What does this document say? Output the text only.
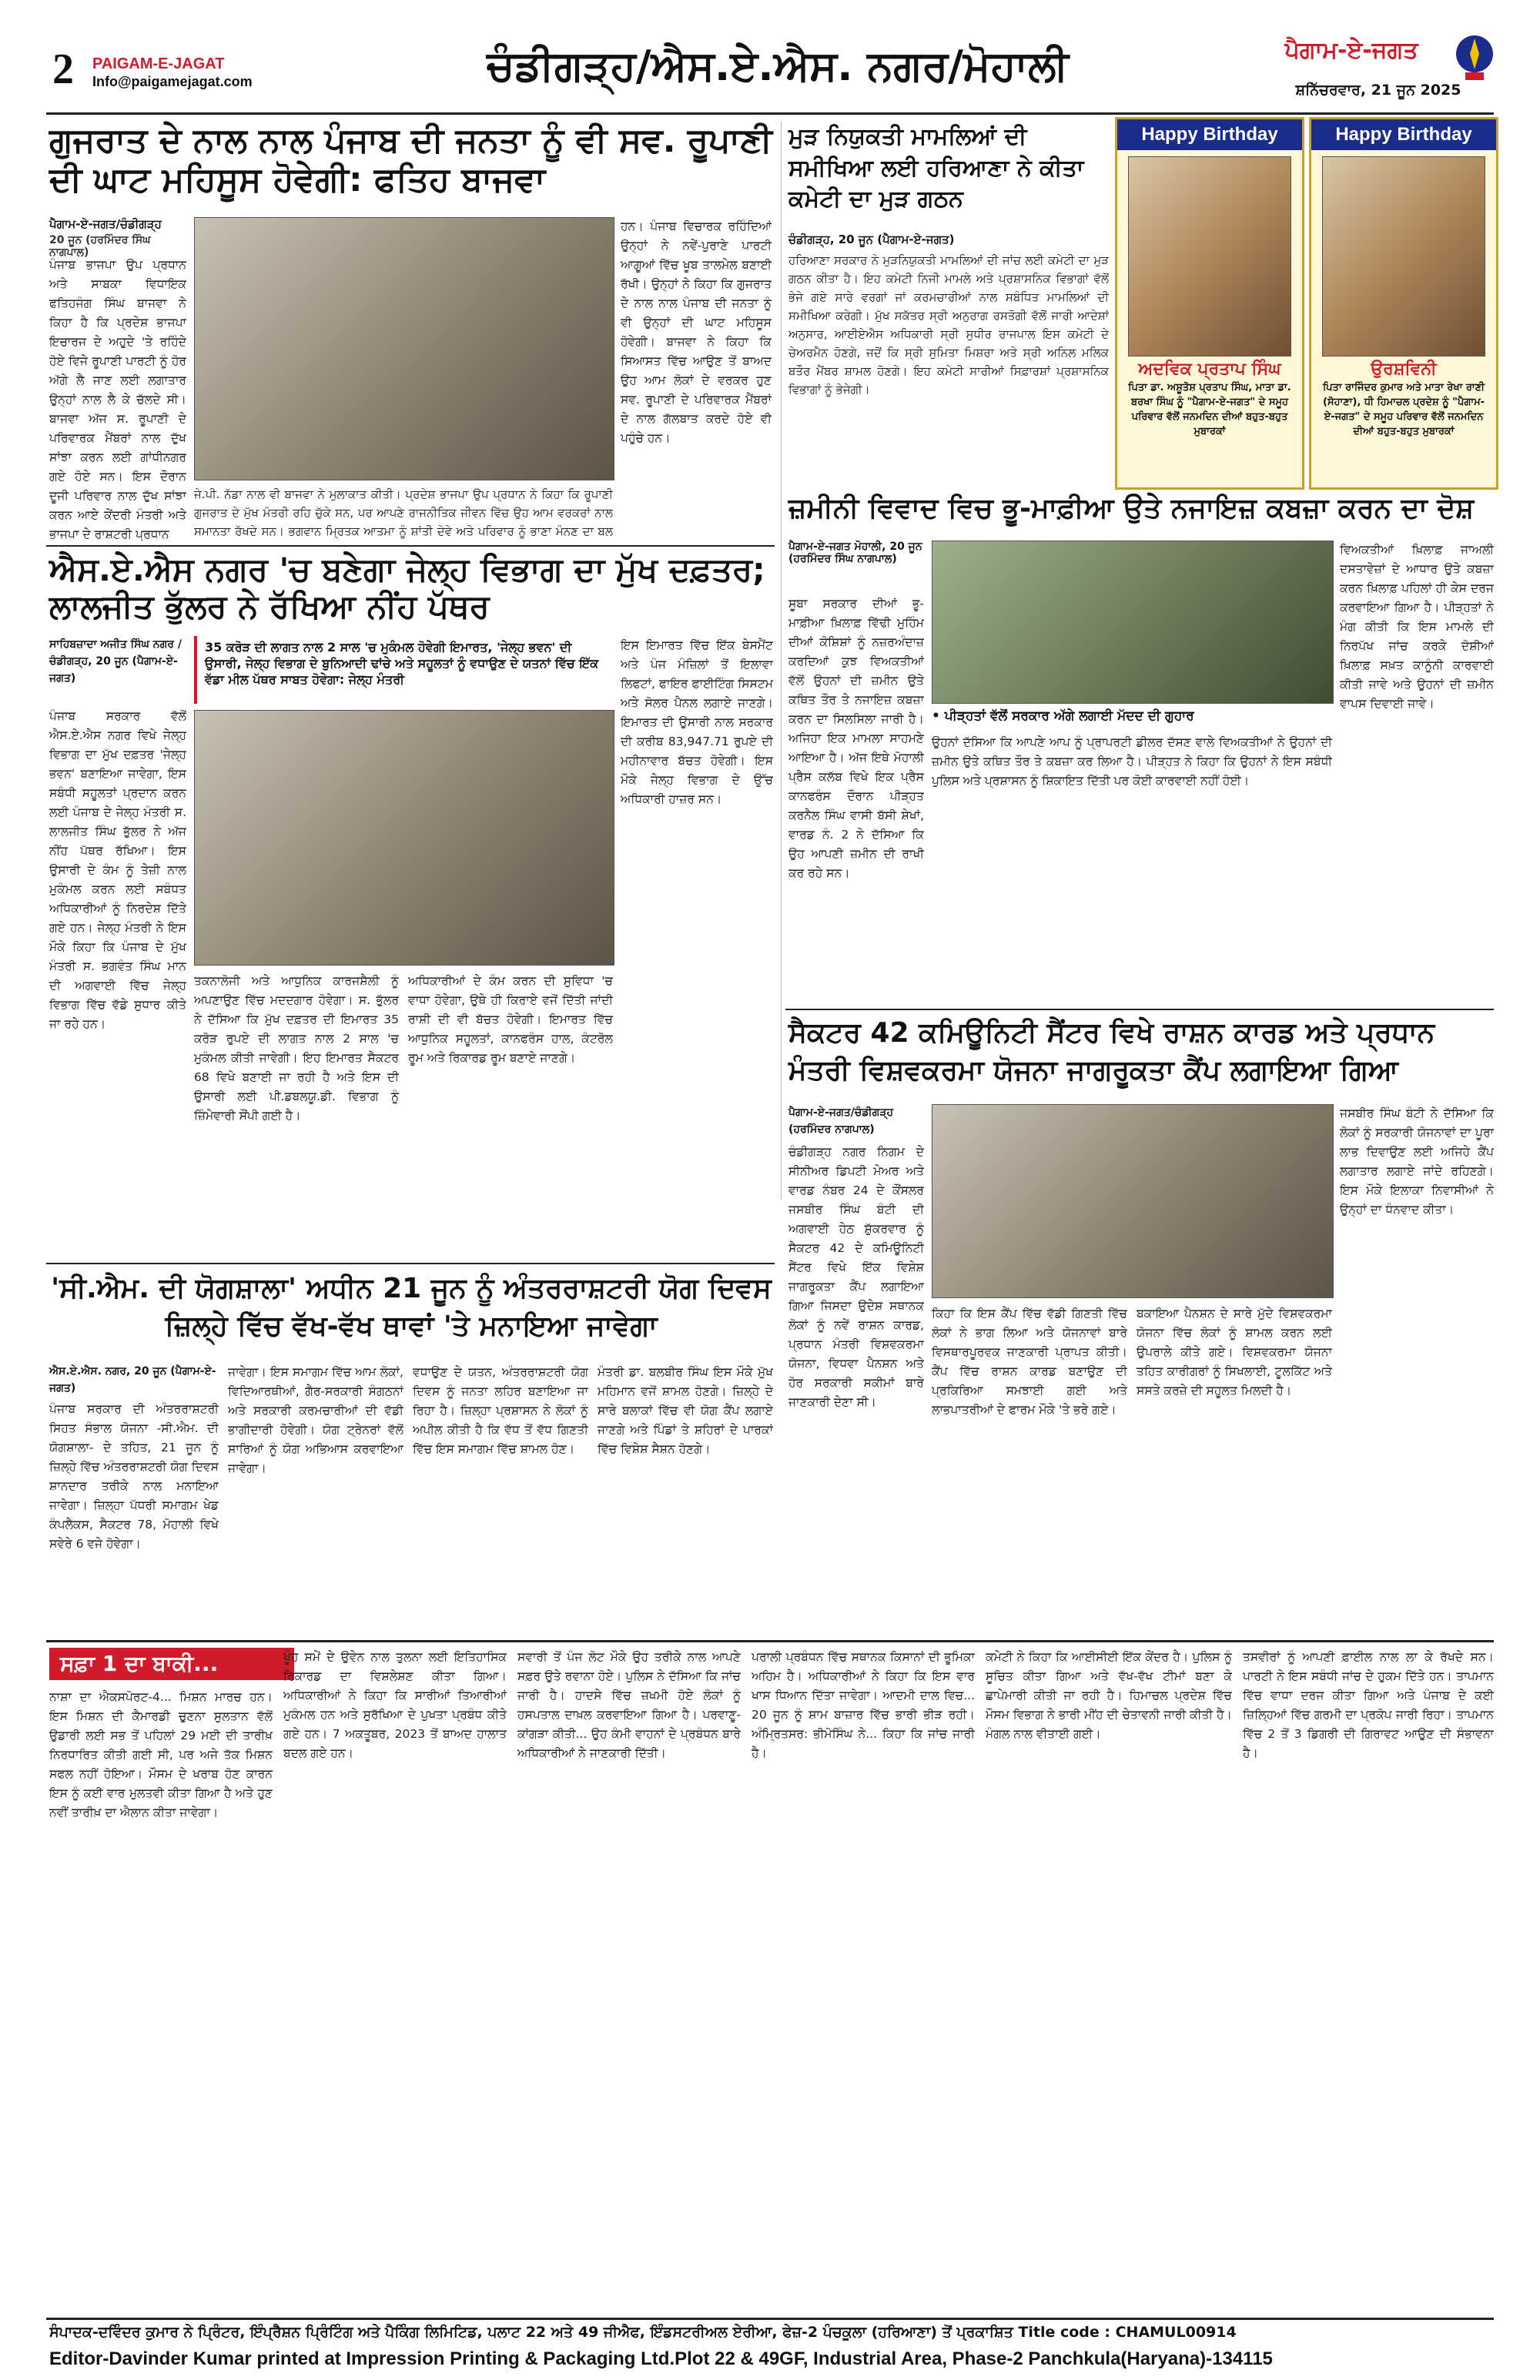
2 PAIGAM-E-JAGAT
Info@paigamejagat.com	ਚੰਡੀਗੜ੍ਹ/ਐਸ.ਏ.ਐਸ. ਨਗਰ/ਮੋਹਾਲੀ	ਪੈਗਾਮ-ਏ-ਜਗਤ
ਸ਼ਨਿੱਚਰਵਾਰ, 21 ਜੂਨ 2025
ਗੁਜਰਾਤ ਦੇ ਨਾਲ ਨਾਲ ਪੰਜਾਬ ਦੀ ਜਨਤਾ ਨੂੰ ਵੀ ਸਵ. ਰੂਪਾਣੀ ਦੀ ਘਾਟ ਮਹਿਸੂਸ ਹੋਵੇਗੀ: ਫਤਿਹ ਬਾਜਵਾ
ਪੈਗਾਮ-ਏ-ਜਗਤ/ਚੰਡੀਗੜ੍ਹ
20 ਜੂਨ (ਹਰਮਿੰਦਰ ਸਿੰਘ ਨਾਗਪਾਲ)
ਪੰਜਾਬ ਭਾਜਪਾ ਉਪ ਪ੍ਰਧਾਨ ਅਤੇ ਸਾਬਕਾ ਵਿਧਾਇਕ ਫਤਿਹਜੰਗ ਸਿੰਘ ਬਾਜਵਾ ਨੇ ਕਿਹਾ ਹੈ ਕਿ ਪ੍ਰਦੇਸ਼ ਭਾਜਪਾ ਇਚਾਰਜ ਦੇ ਅਹੁਦੇ 'ਤੇ ਰਹਿੰਦੇ ਹੋਏ ਵਿਜੇ ਰੂਪਾਣੀ ਪਾਰਟੀ ਨੂੰ ਹੋਰ ਅੱਗੇ ਲੈ ਜਾਣ ਲਈ ਲਗਾਤਾਰ ਉਨ੍ਹਾਂ ਨਾਲ ਲੈ ਕੇ ਚੱਲਦੇ ਸੀ। ਬਾਜਵਾ ਅੱਜ ਸ. ਰੂਪਾਣੀ ਦੇ ਪਰਿਵਾਰਕ ਮੈਂਬਰਾਂ ਨਾਲ ਦੁੱਖ ਸਾਂਝਾ ਕਰਨ ਲਈ ਗਾਂਧੀਨਗਰ ਗਏ ਹੋਏ ਸਨ। ਇਸ ਦੌਰਾਨ ਦੂਜੀ ਪਰਿਵਾਰ ਨਾਲ ਦੁੱਖ ਸਾਂਝਾ ਕਰਨ ਆਏ ਕੇਂਦਰੀ ਮੰਤਰੀ ਅਤੇ ਭਾਜਪਾ ਦੇ ਰਾਸ਼ਟਰੀ ਪ੍ਰਧਾਨ
ਜੇ.ਪੀ. ਨੱਡਾ ਨਾਲ ਵੀ ਬਾਜਵਾ ਨੇ ਮੁਲਾਕਾਤ ਕੀਤੀ। ਪ੍ਰਦੇਸ਼ ਭਾਜਪਾ ਉਪ ਪ੍ਰਧਾਨ ਨੇ ਕਿਹਾ ਕਿ ਰੂਪਾਣੀ ਗੁਜਰਾਤ ਦੇ ਮੁੱਖ ਮੰਤਰੀ ਰਹਿ ਚੁੱਕੇ ਸਨ, ਪਰ ਆਪਣੇ ਰਾਜਨੀਤਿਕ ਜੀਵਨ ਵਿੱਚ ਉਹ ਆਮ ਵਰਕਰਾਂ ਨਾਲ ਸਮਾਨਤਾ ਰੱਖਦੇ ਸਨ। ਭਗਵਾਨ ਮ੍ਰਿਤਕ ਆਤਮਾ ਨੂੰ ਸ਼ਾਂਤੀ ਦੇਵੇ ਅਤੇ ਪਰਿਵਾਰ ਨੂੰ ਭਾਣਾ ਮੰਨਣ ਦਾ ਬਲ
ਹਨ। ਪੰਜਾਬ ਵਿਚਾਰਕ ਰਹਿੰਦਿਆਂ ਉਨ੍ਹਾਂ ਨੇ ਨਵੇਂ-ਪੁਰਾਣੇ ਪਾਰਟੀ ਆਗੂਆਂ ਵਿੱਚ ਖੂਬ ਤਾਲਮੇਲ ਬਣਾਈ ਰੱਖੀ। ਉਨ੍ਹਾਂ ਨੇ ਕਿਹਾ ਕਿ ਗੁਜਰਾਤ ਦੇ ਨਾਲ ਨਾਲ ਪੰਜਾਬ ਦੀ ਜਨਤਾ ਨੂੰ ਵੀ ਉਨ੍ਹਾਂ ਦੀ ਘਾਟ ਮਹਿਸੂਸ ਹੋਵੇਗੀ। ਬਾਜਵਾ ਨੇ ਕਿਹਾ ਕਿ ਸਿਆਸਤ ਵਿੱਚ ਆਉਣ ਤੋਂ ਬਾਅਦ ਉਹ ਆਮ ਲੋਕਾਂ ਦੇ ਵਰਕਰ ਹੁਣ ਸਵ. ਰੂਪਾਣੀ ਦੇ ਪਰਿਵਾਰਕ ਮੈਂਬਰਾਂ ਦੇ ਨਾਲ ਗੱਲਬਾਤ ਕਰਦੇ ਹੋਏ ਵੀ ਪਹੁੰਚੇ ਹਨ।
ਮੁੜ ਨਿਯੁਕਤੀ ਮਾਮਲਿਆਂ ਦੀ ਸਮੀਖਿਆ ਲਈ ਹਰਿਆਣਾ ਨੇ ਕੀਤਾ ਕਮੇਟੀ ਦਾ ਮੁੜ ਗਠਨ
ਚੰਡੀਗੜ੍ਹ, 20 ਜੂਨ (ਪੈਗਾਮ-ਏ-ਜਗਤ)
ਹਰਿਆਣਾ ਸਰਕਾਰ ਨੇ ਮੁੜਨਿਯੁਕਤੀ ਮਾਮਲਿਆਂ ਦੀ ਜਾਂਚ ਲਈ ਕਮੇਟੀ ਦਾ ਮੁੜ ਗਠਨ ਕੀਤਾ ਹੈ। ਇਹ ਕਮੇਟੀ ਨਿਜੀ ਮਾਮਲੇ ਅਤੇ ਪ੍ਰਸ਼ਾਸਨਿਕ ਵਿਭਾਗਾਂ ਵੱਲੋਂ ਭੇਜੇ ਗਏ ਸਾਰੇ ਵਰਗਾਂ ਜਾਂ ਕਰਮਚਾਰੀਆਂ ਨਾਲ ਸਬੰਧਿਤ ਮਾਮਲਿਆਂ ਦੀ ਸਮੀਖਿਆ ਕਰੇਗੀ। ਮੁੱਖ ਸਕੱਤਰ ਸ੍ਰੀ ਅਨੁਰਾਗ ਰਸਤੋਗੀ ਵੱਲੋਂ ਜਾਰੀ ਆਦੇਸ਼ਾਂ ਅਨੁਸਾਰ, ਆਈਏਐਸ ਅਧਿਕਾਰੀ ਸ੍ਰੀ ਸੁਧੀਰ ਰਾਜਪਾਲ ਇਸ ਕਮੇਟੀ ਦੇ ਚੇਅਰਮੈਨ ਹੋਣਗੇ, ਜਦੋਂ ਕਿ ਸ੍ਰੀ ਸੁਮਿਤਾ ਮਿਸ਼ਰਾ ਅਤੇ ਸ੍ਰੀ ਅਨਿਲ ਮਲਿਕ ਬਤੌਰ ਮੈਂਬਰ ਸ਼ਾਮਲ ਹੋਣਗੇ। ਇਹ ਕਮੇਟੀ ਸਾਰੀਆਂ ਸਿਫ਼ਾਰਸ਼ਾਂ ਪ੍ਰਸ਼ਾਸਨਿਕ ਵਿਭਾਗਾਂ ਨੂੰ ਭੇਜੇਗੀ।
Happy Birthday
ਅਦਵਿਕ ਪ੍ਰਤਾਪ ਸਿੰਘ
ਪਿਤਾ ਡਾ. ਅਸ਼ੂਤੋਸ਼ ਪ੍ਰਤਾਪ ਸਿੰਘ, ਮਾਤਾ ਡਾ. ਬਰਖਾ ਸਿੰਘ ਨੂੰ "ਪੈਗਾਮ-ਏ-ਜਗਤ" ਦੇ ਸਮੂਹ ਪਰਿਵਾਰ ਵੱਲੋਂ ਜਨਮਦਿਨ ਦੀਆਂ ਬਹੁਤ-ਬਹੁਤ ਮੁਬਾਰਕਾਂ
Happy Birthday
ਉਰਸ਼ਵਿਨੀ
ਪਿਤਾ ਰਾਜਿੰਦਰ ਕੁਮਾਰ ਅਤੇ ਮਾਤਾ ਰੇਖਾ ਰਾਣੀ (ਸੋਹਾਣਾ), ਧੀ ਹਿਮਾਚਲ ਪ੍ਰਦੇਸ਼ ਨੂੰ "ਪੈਗਾਮ-ਏ-ਜਗਤ" ਦੇ ਸਮੂਹ ਪਰਿਵਾਰ ਵੱਲੋਂ ਜਨਮਦਿਨ ਦੀਆਂ ਬਹੁਤ-ਬਹੁਤ ਮੁਬਾਰਕਾਂ
ਜ਼ਮੀਨੀ ਵਿਵਾਦ ਵਿਚ ਭੂ-ਮਾਫ਼ੀਆ ਉਤੇ ਨਜਾਇਜ਼ ਕਬਜ਼ਾ ਕਰਨ ਦਾ ਦੋਸ਼
ਪੈਗਾਮ-ਏ-ਜਗਤ ਮੋਹਾਲੀ, 20 ਜੂਨ (ਹਰਮਿੰਦਰ ਸਿੰਘ ਨਾਗਪਾਲ)
ਸੂਬਾ ਸਰਕਾਰ ਦੀਆਂ ਭੂ-ਮਾਫ਼ੀਆ ਖ਼ਿਲਾਫ਼ ਵਿੱਢੀ ਮੁਹਿੰਮ ਦੀਆਂ ਕੋਸ਼ਿਸ਼ਾਂ ਨੂੰ ਨਜ਼ਰਅੰਦਾਜ਼ ਕਰਦਿਆਂ ਕੁਝ ਵਿਅਕਤੀਆਂ ਵੱਲੋਂ ਉਹਨਾਂ ਦੀ ਜ਼ਮੀਨ ਉਤੇ ਕਥਿਤ ਤੌਰ ਤੇ ਨਜਾਇਜ਼ ਕਬਜ਼ਾ ਕਰਨ ਦਾ ਸਿਲਸਿਲਾ ਜਾਰੀ ਹੈ। ਅਜਿਹਾ ਇਕ ਮਾਮਲਾ ਸਾਹਮਣੇ ਆਇਆ ਹੈ। ਅੱਜ ਇਥੇ ਮੋਹਾਲੀ ਪ੍ਰੈਸ ਕਲੱਬ ਵਿਖੇ ਇਕ ਪ੍ਰੈਸ ਕਾਨਫਰੰਸ ਦੌਰਾਨ ਪੀੜ੍ਹਤ ਕਰਨੈਲ ਸਿੰਘ ਵਾਸੀ ਬੱਸੀ ਸ਼ੇਖਾਂ, ਵਾਰਡ ਨੰ. 2 ਨੇ ਦੱਸਿਆ ਕਿ ਉਹ ਆਪਣੀ ਜ਼ਮੀਨ ਦੀ ਰਾਖੀ ਕਰ ਰਹੇ ਸਨ।
• ਪੀੜ੍ਹਤਾਂ ਵੱਲੋਂ ਸਰਕਾਰ ਅੱਗੇ ਲਗਾਈ ਮੱਦਦ ਦੀ ਗੁਹਾਰ
ਉਹਨਾਂ ਦੱਸਿਆ ਕਿ ਆਪਣੇ ਆਪ ਨੂੰ ਪ੍ਰਾਪਰਟੀ ਡੀਲਰ ਦੱਸਣ ਵਾਲੇ ਵਿਅਕਤੀਆਂ ਨੇ ਉਹਨਾਂ ਦੀ ਜ਼ਮੀਨ ਉਤੇ ਕਥਿਤ ਤੌਰ ਤੇ ਕਬਜ਼ਾ ਕਰ ਲਿਆ ਹੈ। ਪੀੜ੍ਹਤ ਨੇ ਕਿਹਾ ਕਿ ਉਹਨਾਂ ਨੇ ਇਸ ਸਬੰਧੀ ਪੁਲਿਸ ਅਤੇ ਪ੍ਰਸ਼ਾਸਨ ਨੂੰ ਸ਼ਿਕਾਇਤ ਦਿੱਤੀ ਪਰ ਕੋਈ ਕਾਰਵਾਈ ਨਹੀਂ ਹੋਈ।
ਵਿਅਕਤੀਆਂ ਖ਼ਿਲਾਫ਼ ਜਾਅਲੀ ਦਸਤਾਵੇਜ਼ਾਂ ਦੇ ਆਧਾਰ ਉਤੇ ਕਬਜ਼ਾ ਕਰਨ ਖ਼ਿਲਾਫ਼ ਪਹਿਲਾਂ ਹੀ ਕੇਸ ਦਰਜ ਕਰਵਾਇਆ ਗਿਆ ਹੈ। ਪੀੜ੍ਹਤਾਂ ਨੇ ਮੰਗ ਕੀਤੀ ਕਿ ਇਸ ਮਾਮਲੇ ਦੀ ਨਿਰਪੱਖ ਜਾਂਚ ਕਰਕੇ ਦੋਸ਼ੀਆਂ ਖ਼ਿਲਾਫ਼ ਸਖ਼ਤ ਕਾਨੂੰਨੀ ਕਾਰਵਾਈ ਕੀਤੀ ਜਾਵੇ ਅਤੇ ਉਹਨਾਂ ਦੀ ਜ਼ਮੀਨ ਵਾਪਸ ਦਿਵਾਈ ਜਾਵੇ।
ਐਸ.ਏ.ਐਸ ਨਗਰ 'ਚ ਬਣੇਗਾ ਜੇਲ੍ਹ ਵਿਭਾਗ ਦਾ ਮੁੱਖ ਦਫ਼ਤਰ; ਲਾਲਜੀਤ ਭੁੱਲਰ ਨੇ ਰੱਖਿਆ ਨੀਂਹ ਪੱਥਰ
ਸਾਹਿਬਜ਼ਾਦਾ ਅਜੀਤ ਸਿੰਘ ਨਗਰ /ਚੰਡੀਗੜ੍ਹ, 20 ਜੂਨ (ਪੈਗਾਮ-ਏ-ਜਗਤ)
ਪੰਜਾਬ ਸਰਕਾਰ ਵੱਲੋਂ ਐਸ.ਏ.ਐਸ ਨਗਰ ਵਿਖੇ ਜੇਲ੍ਹ ਵਿਭਾਗ ਦਾ ਮੁੱਖ ਦਫ਼ਤਰ 'ਜੇਲ੍ਹ ਭਵਨ' ਬਣਾਇਆ ਜਾਵੇਗਾ, ਇਸ ਸਬੰਧੀ ਸਹੂਲਤਾਂ ਪ੍ਰਦਾਨ ਕਰਨ ਲਈ ਪੰਜਾਬ ਦੇ ਜੇਲ੍ਹ ਮੰਤਰੀ ਸ. ਲਾਲਜੀਤ ਸਿੰਘ ਭੁੱਲਰ ਨੇ ਅੱਜ ਨੀਂਹ ਪੱਥਰ ਰੱਖਿਆ। ਇਸ ਉਸਾਰੀ ਦੇ ਕੰਮ ਨੂੰ ਤੇਜ਼ੀ ਨਾਲ ਮੁਕੰਮਲ ਕਰਨ ਲਈ ਸਬੰਧਤ ਅਧਿਕਾਰੀਆਂ ਨੂੰ ਨਿਰਦੇਸ਼ ਦਿੱਤੇ ਗਏ ਹਨ। ਜੇਲ੍ਹ ਮੰਤਰੀ ਨੇ ਇਸ ਮੌਕੇ ਕਿਹਾ ਕਿ ਪੰਜਾਬ ਦੇ ਮੁੱਖ ਮੰਤਰੀ ਸ. ਭਗਵੰਤ ਸਿੰਘ ਮਾਨ ਦੀ ਅਗਵਾਈ ਵਿੱਚ ਜੇਲ੍ਹ ਵਿਭਾਗ ਵਿੱਚ ਵੱਡੇ ਸੁਧਾਰ ਕੀਤੇ ਜਾ ਰਹੇ ਹਨ।
35 ਕਰੋੜ ਦੀ ਲਾਗਤ ਨਾਲ 2 ਸਾਲ 'ਚ ਮੁਕੰਮਲ ਹੋਵੇਗੀ ਇਮਾਰਤ, 'ਜੇਲ੍ਹ ਭਵਨ' ਦੀ ਉਸਾਰੀ, ਜੇਲ੍ਹ ਵਿਭਾਗ ਦੇ ਬੁਨਿਆਦੀ ਢਾਂਚੇ ਅਤੇ ਸਹੂਲਤਾਂ ਨੂੰ ਵਧਾਉਣ ਦੇ ਯਤਨਾਂ ਵਿੱਚ ਇੱਕ ਵੱਡਾ ਮੀਲ ਪੱਥਰ ਸਾਬਤ ਹੋਵੇਗਾ: ਜੇਲ੍ਹ ਮੰਤਰੀ
ਤਕਨਾਲੋਜੀ ਅਤੇ ਆਧੁਨਿਕ ਕਾਰਜਸ਼ੈਲੀ ਨੂੰ ਅਪਣਾਉਣ ਵਿੱਚ ਮਦਦਗਾਰ ਹੋਵੇਗਾ। ਸ. ਭੁੱਲਰ ਨੇ ਦੱਸਿਆ ਕਿ ਮੁੱਖ ਦਫ਼ਤਰ ਦੀ ਇਮਾਰਤ 35 ਕਰੋੜ ਰੁਪਏ ਦੀ ਲਾਗਤ ਨਾਲ 2 ਸਾਲ 'ਚ ਮੁਕੰਮਲ ਕੀਤੀ ਜਾਵੇਗੀ। ਇਹ ਇਮਾਰਤ ਸੈਕਟਰ 68 ਵਿਖੇ ਬਣਾਈ ਜਾ ਰਹੀ ਹੈ ਅਤੇ ਇਸ ਦੀ ਉਸਾਰੀ ਲਈ ਪੀ.ਡਬਲਯੂ.ਡੀ. ਵਿਭਾਗ ਨੂੰ ਜ਼ਿੰਮੇਵਾਰੀ ਸੌਂਪੀ ਗਈ ਹੈ।
ਅਧਿਕਾਰੀਆਂ ਦੇ ਕੰਮ ਕਰਨ ਦੀ ਸੁਵਿਧਾ 'ਚ ਵਾਧਾ ਹੋਵੇਗਾ, ਉਥੇ ਹੀ ਕਿਰਾਏ ਵਜੋਂ ਦਿੱਤੀ ਜਾਂਦੀ ਰਾਸ਼ੀ ਦੀ ਵੀ ਬੱਚਤ ਹੋਵੇਗੀ। ਇਮਾਰਤ ਵਿੱਚ ਆਧੁਨਿਕ ਸਹੂਲਤਾਂ, ਕਾਨਫਰੰਸ ਹਾਲ, ਕੰਟਰੋਲ ਰੂਮ ਅਤੇ ਰਿਕਾਰਡ ਰੂਮ ਬਣਾਏ ਜਾਣਗੇ।
ਇਸ ਇਮਾਰਤ ਵਿੱਚ ਇੱਕ ਬੇਸਮੈਂਟ ਅਤੇ ਪੰਜ ਮੰਜ਼ਿਲਾਂ ਤੋਂ ਇਲਾਵਾ ਲਿਫਟਾਂ, ਫਾਇਰ ਫਾਈਟਿੰਗ ਸਿਸਟਮ ਅਤੇ ਸੋਲਰ ਪੈਨਲ ਲਗਾਏ ਜਾਣਗੇ। ਇਮਾਰਤ ਦੀ ਉਸਾਰੀ ਨਾਲ ਸਰਕਾਰ ਦੀ ਕਰੀਬ 83,947.71 ਰੁਪਏ ਦੀ ਮਹੀਨਾਵਾਰ ਬੱਚਤ ਹੋਵੇਗੀ। ਇਸ ਮੌਕੇ ਜੇਲ੍ਹ ਵਿਭਾਗ ਦੇ ਉੱਚ ਅਧਿਕਾਰੀ ਹਾਜ਼ਰ ਸਨ।
ਸੈਕਟਰ 42 ਕਮਿਊਨਿਟੀ ਸੈਂਟਰ ਵਿਖੇ ਰਾਸ਼ਨ ਕਾਰਡ ਅਤੇ ਪ੍ਰਧਾਨ ਮੰਤਰੀ ਵਿਸ਼ਵਕਰਮਾ ਯੋਜਨਾ ਜਾਗਰੂਕਤਾ ਕੈਂਪ ਲਗਾਇਆ ਗਿਆ
ਪੈਗਾਮ-ਏ-ਜਗਤ/ਚੰਡੀਗੜ੍ਹ (ਹਰਮਿੰਦਰ ਨਾਗਪਾਲ)
ਚੰਡੀਗੜ੍ਹ ਨਗਰ ਨਿਗਮ ਦੇ ਸੀਨੀਅਰ ਡਿਪਟੀ ਮੇਅਰ ਅਤੇ ਵਾਰਡ ਨੰਬਰ 24 ਦੇ ਕੌਂਸਲਰ ਜਸਬੀਰ ਸਿੰਘ ਬੰਟੀ ਦੀ ਅਗਵਾਈ ਹੇਠ ਸ਼ੁੱਕਰਵਾਰ ਨੂੰ ਸੈਕਟਰ 42 ਦੇ ਕਮਿਊਨਿਟੀ ਸੈਂਟਰ ਵਿਖੇ ਇੱਕ ਵਿਸ਼ੇਸ਼ ਜਾਗਰੂਕਤਾ ਕੈਂਪ ਲਗਾਇਆ ਗਿਆ ਜਿਸਦਾ ਉਦੇਸ਼ ਸਥਾਨਕ ਲੋਕਾਂ ਨੂੰ ਨਵੇਂ ਰਾਸ਼ਨ ਕਾਰਡ, ਪ੍ਰਧਾਨ ਮੰਤਰੀ ਵਿਸ਼ਵਕਰਮਾ ਯੋਜਨਾ, ਵਿਧਵਾ ਪੈਨਸ਼ਨ ਅਤੇ ਹੋਰ ਸਰਕਾਰੀ ਸਕੀਮਾਂ ਬਾਰੇ ਜਾਣਕਾਰੀ ਦੇਣਾ ਸੀ।
ਕਿਹਾ ਕਿ ਇਸ ਕੈਂਪ ਵਿੱਚ ਵੱਡੀ ਗਿਣਤੀ ਵਿੱਚ ਲੋਕਾਂ ਨੇ ਭਾਗ ਲਿਆ ਅਤੇ ਯੋਜਨਾਵਾਂ ਬਾਰੇ ਵਿਸਥਾਰਪੂਰਵਕ ਜਾਣਕਾਰੀ ਪ੍ਰਾਪਤ ਕੀਤੀ। ਕੈਂਪ ਵਿੱਚ ਰਾਸ਼ਨ ਕਾਰਡ ਬਣਾਉਣ ਦੀ ਪ੍ਰਕਿਰਿਆ ਸਮਝਾਈ ਗਈ ਅਤੇ ਲਾਭਪਾਤਰੀਆਂ ਦੇ ਫਾਰਮ ਮੌਕੇ 'ਤੇ ਭਰੇ ਗਏ।
ਬਕਾਇਆ ਪੈਨਸ਼ਨ ਦੇ ਸਾਰੇ ਮੁੱਦੇ ਵਿਸ਼ਵਕਰਮਾ ਯੋਜਨਾ ਵਿੱਚ ਲੋਕਾਂ ਨੂੰ ਸ਼ਾਮਲ ਕਰਨ ਲਈ ਉਪਰਾਲੇ ਕੀਤੇ ਗਏ। ਵਿਸ਼ਵਕਰਮਾ ਯੋਜਨਾ ਤਹਿਤ ਕਾਰੀਗਰਾਂ ਨੂੰ ਸਿਖਲਾਈ, ਟੂਲਕਿੱਟ ਅਤੇ ਸਸਤੇ ਕਰਜ਼ੇ ਦੀ ਸਹੂਲਤ ਮਿਲਦੀ ਹੈ।
ਜਸਬੀਰ ਸਿੰਘ ਬੰਟੀ ਨੇ ਦੱਸਿਆ ਕਿ ਲੋਕਾਂ ਨੂੰ ਸਰਕਾਰੀ ਯੋਜਨਾਵਾਂ ਦਾ ਪੂਰਾ ਲਾਭ ਦਿਵਾਉਣ ਲਈ ਅਜਿਹੇ ਕੈਂਪ ਲਗਾਤਾਰ ਲਗਾਏ ਜਾਂਦੇ ਰਹਿਣਗੇ। ਇਸ ਮੌਕੇ ਇਲਾਕਾ ਨਿਵਾਸੀਆਂ ਨੇ ਉਨ੍ਹਾਂ ਦਾ ਧੰਨਵਾਦ ਕੀਤਾ।
'ਸੀ.ਐਮ. ਦੀ ਯੋਗਸ਼ਾਲਾ' ਅਧੀਨ 21 ਜੂਨ ਨੂੰ ਅੰਤਰਰਾਸ਼ਟਰੀ ਯੋਗ ਦਿਵਸ ਜ਼ਿਲ੍ਹੇ ਵਿੱਚ ਵੱਖ-ਵੱਖ ਥਾਵਾਂ 'ਤੇ ਮਨਾਇਆ ਜਾਵੇਗਾ
ਐਸ.ਏ.ਐਸ. ਨਗਰ, 20 ਜੂਨ (ਪੈਗਾਮ-ਏ-ਜਗਤ)
ਪੰਜਾਬ ਸਰਕਾਰ ਦੀ ਅੰਤਰਰਾਸ਼ਟਰੀ ਸਿਹਤ ਸੰਭਾਲ ਯੋਜਨਾ -ਸੀ.ਐਮ. ਦੀ ਯੋਗਸ਼ਾਲਾ- ਦੇ ਤਹਿਤ, 21 ਜੂਨ ਨੂੰ ਜ਼ਿਲ੍ਹੇ ਵਿੱਚ ਅੰਤਰਰਾਸ਼ਟਰੀ ਯੋਗ ਦਿਵਸ ਸ਼ਾਨਦਾਰ ਤਰੀਕੇ ਨਾਲ ਮਨਾਇਆ ਜਾਵੇਗਾ। ਜ਼ਿਲ੍ਹਾ ਪੱਧਰੀ ਸਮਾਗਮ ਖੇਡ ਕੰਪਲੈਕਸ, ਸੈਕਟਰ 78, ਮੋਹਾਲੀ ਵਿਖੇ ਸਵੇਰੇ 6 ਵਜੇ ਹੋਵੇਗਾ।
ਜਾਵੇਗਾ। ਇਸ ਸਮਾਗਮ ਵਿੱਚ ਆਮ ਲੋਕਾਂ, ਵਿਦਿਆਰਥੀਆਂ, ਗੈਰ-ਸਰਕਾਰੀ ਸੰਗਠਨਾਂ ਅਤੇ ਸਰਕਾਰੀ ਕਰਮਚਾਰੀਆਂ ਦੀ ਵੱਡੀ ਭਾਗੀਦਾਰੀ ਹੋਵੇਗੀ। ਯੋਗ ਟ੍ਰੇਨਰਾਂ ਵੱਲੋਂ ਸਾਰਿਆਂ ਨੂੰ ਯੋਗ ਅਭਿਆਸ ਕਰਵਾਇਆ ਜਾਵੇਗਾ।
ਵਧਾਉਣ ਦੇ ਯਤਨ, ਅੰਤਰਰਾਸ਼ਟਰੀ ਯੋਗ ਦਿਵਸ ਨੂੰ ਜਨਤਾ ਲਹਿਰ ਬਣਾਇਆ ਜਾ ਰਿਹਾ ਹੈ। ਜ਼ਿਲ੍ਹਾ ਪ੍ਰਸ਼ਾਸਨ ਨੇ ਲੋਕਾਂ ਨੂੰ ਅਪੀਲ ਕੀਤੀ ਹੈ ਕਿ ਵੱਧ ਤੋਂ ਵੱਧ ਗਿਣਤੀ ਵਿੱਚ ਇਸ ਸਮਾਗਮ ਵਿੱਚ ਸ਼ਾਮਲ ਹੋਣ।
ਮੰਤਰੀ ਡਾ. ਬਲਬੀਰ ਸਿੰਘ ਇਸ ਮੌਕੇ ਮੁੱਖ ਮਹਿਮਾਨ ਵਜੋਂ ਸ਼ਾਮਲ ਹੋਣਗੇ। ਜ਼ਿਲ੍ਹੇ ਦੇ ਸਾਰੇ ਬਲਾਕਾਂ ਵਿੱਚ ਵੀ ਯੋਗ ਕੈਂਪ ਲਗਾਏ ਜਾਣਗੇ ਅਤੇ ਪਿੰਡਾਂ ਤੇ ਸ਼ਹਿਰਾਂ ਦੇ ਪਾਰਕਾਂ ਵਿੱਚ ਵਿਸ਼ੇਸ਼ ਸੈਸ਼ਨ ਹੋਣਗੇ।
ਸਫ਼ਾ 1 ਦਾ ਬਾਕੀ...
ਨਾਸ਼ਾ ਦਾ ਐਕਸਪੋਰਟ-4... ਮਿਸ਼ਨ ਮਾਰਚ ਹਨ। ਇਸ ਮਿਸ਼ਨ ਦੀ ਕੈਮਾਰਡੀ ਚੁਣਨਾ ਸੁਲਤਾਨ ਵੱਲੋਂ ਉਡਾਰੀ ਲਈ ਸਭ ਤੋਂ ਪਹਿਲਾਂ 29 ਮਈ ਦੀ ਤਾਰੀਖ਼ ਨਿਰਧਾਰਿਤ ਕੀਤੀ ਗਈ ਸੀ, ਪਰ ਅਜੇ ਤੱਕ ਮਿਸ਼ਨ ਸਫਲ ਨਹੀਂ ਹੋਇਆ। ਮੌਸਮ ਦੇ ਖਰਾਬ ਹੋਣ ਕਾਰਨ ਇਸ ਨੂੰ ਕਈ ਵਾਰ ਮੁਲਤਵੀ ਕੀਤਾ ਗਿਆ ਹੈ ਅਤੇ ਹੁਣ ਨਵੀਂ ਤਾਰੀਖ਼ ਦਾ ਐਲਾਨ ਕੀਤਾ ਜਾਵੇਗਾ।
ਖੂੰਹ ਸਮੇਂ ਦੇ ਉਵੇਨ ਨਾਲ ਤੁਲਨਾ ਲਈ ਇਤਿਹਾਸਿਕ ਰਿਕਾਰਡ ਦਾ ਵਿਸ਼ਲੇਸ਼ਣ ਕੀਤਾ ਗਿਆ। ਅਧਿਕਾਰੀਆਂ ਨੇ ਕਿਹਾ ਕਿ ਸਾਰੀਆਂ ਤਿਆਰੀਆਂ ਮੁਕੰਮਲ ਹਨ ਅਤੇ ਸੁਰੱਖਿਆ ਦੇ ਪੁਖਤਾ ਪ੍ਰਬੰਧ ਕੀਤੇ ਗਏ ਹਨ। 7 ਅਕਤੂਬਰ, 2023 ਤੋਂ ਬਾਅਦ ਹਾਲਾਤ ਬਦਲ ਗਏ ਹਨ।
ਸਵਾਰੀ ਤੋਂ ਪੰਜ ਲੋਟ ਮੌਕੇ ਉਹ ਤਰੀਕੇ ਨਾਲ ਆਪਣੇ ਸਫ਼ਰ ਉਤੇ ਰਵਾਨਾ ਹੋਏ। ਪੁਲਿਸ ਨੇ ਦੱਸਿਆ ਕਿ ਜਾਂਚ ਜਾਰੀ ਹੈ। ਹਾਦਸੇ ਵਿੱਚ ਜ਼ਖਮੀ ਹੋਏ ਲੋਕਾਂ ਨੂੰ ਹਸਪਤਾਲ ਦਾਖ਼ਲ ਕਰਵਾਇਆ ਗਿਆ ਹੈ। ਪਰਵਾਣੂ-ਕਾਂਗੜਾ ਕੀਤੀ... ਉਹ ਕੰਮੀ ਵਾਹਨਾਂ ਦੇ ਪ੍ਰਬੰਧਨ ਬਾਰੇ ਅਧਿਕਾਰੀਆਂ ਨੇ ਜਾਣਕਾਰੀ ਦਿੱਤੀ।
ਪਰਾਲੀ ਪ੍ਰਬੰਧਨ ਵਿੱਚ ਸਥਾਨਕ ਕਿਸਾਨਾਂ ਦੀ ਭੂਮਿਕਾ ਅਹਿਮ ਹੈ। ਅਧਿਕਾਰੀਆਂ ਨੇ ਕਿਹਾ ਕਿ ਇਸ ਵਾਰ ਖਾਸ ਧਿਆਨ ਦਿੱਤਾ ਜਾਵੇਗਾ। ਆਦਮੀ ਦਾਲ ਵਿਚ... 20 ਜੂਨ ਨੂੰ ਸ਼ਾਮ ਬਾਜ਼ਾਰ ਵਿੱਚ ਭਾਰੀ ਭੀੜ ਰਹੀ। ਅੰਮ੍ਰਿਤਸਰ: ਭੀਮੋਸਿੰਘ ਨੇ... ਕਿਹਾ ਕਿ ਜਾਂਚ ਜਾਰੀ ਹੈ।
ਕਮੇਟੀ ਨੇ ਕਿਹਾ ਕਿ ਆਈਸੀਈ ਇੱਕ ਕੇਂਦਰ ਹੈ। ਪੁਲਿਸ ਨੂੰ ਸੂਚਿਤ ਕੀਤਾ ਗਿਆ ਅਤੇ ਵੱਖ-ਵੱਖ ਟੀਮਾਂ ਬਣਾ ਕੇ ਛਾਪੇਮਾਰੀ ਕੀਤੀ ਜਾ ਰਹੀ ਹੈ। ਹਿਮਾਚਲ ਪ੍ਰਦੇਸ਼ ਵਿੱਚ ਮੌਸਮ ਵਿਭਾਗ ਨੇ ਭਾਰੀ ਮੀਂਹ ਦੀ ਚੇਤਾਵਨੀ ਜਾਰੀ ਕੀਤੀ ਹੈ। ਮੰਗਲ ਨਾਲ ਵੀਤਾਈ ਗਈ।
ਤਸਵੀਰਾਂ ਨੂੰ ਆਪਣੀ ਫ਼ਾਈਲ ਨਾਲ ਲਾ ਕੇ ਰੱਖਦੇ ਸਨ। ਪਾਰਟੀ ਨੇ ਇਸ ਸਬੰਧੀ ਜਾਂਚ ਦੇ ਹੁਕਮ ਦਿੱਤੇ ਹਨ। ਤਾਪਮਾਨ ਵਿੱਚ ਵਾਧਾ ਦਰਜ ਕੀਤਾ ਗਿਆ ਅਤੇ ਪੰਜਾਬ ਦੇ ਕਈ ਜ਼ਿਲ੍ਹਿਆਂ ਵਿੱਚ ਗਰਮੀ ਦਾ ਪ੍ਰਕੋਪ ਜਾਰੀ ਰਿਹਾ। ਤਾਪਮਾਨ ਵਿੱਚ 2 ਤੋਂ 3 ਡਿਗਰੀ ਦੀ ਗਿਰਾਵਟ ਆਉਣ ਦੀ ਸੰਭਾਵਨਾ ਹੈ।
ਸੰਪਾਦਕ-ਦਵਿੰਦਰ ਕੁਮਾਰ ਨੇ ਪ੍ਰਿੰਟਰ, ਇੰਪ੍ਰੈਸ਼ਨ ਪ੍ਰਿੰਟਿੰਗ ਅਤੇ ਪੈਕਿੰਗ ਲਿਮਿਟਿਡ, ਪਲਾਟ 22 ਅਤੇ 49 ਜੀਐਫ, ਇੰਡਸਟਰੀਅਲ ਏਰੀਆ, ਫੇਜ਼-2 ਪੰਚਕੂਲਾ (ਹਰਿਆਣਾ) ਤੋਂ ਪ੍ਰਕਾਸ਼ਿਤ Title code : CHAMUL00914
Editor-Davinder Kumar printed at Impression Printing & Packaging Ltd.Plot 22 & 49GF, Industrial Area, Phase-2 Panchkula(Haryana)-134115
